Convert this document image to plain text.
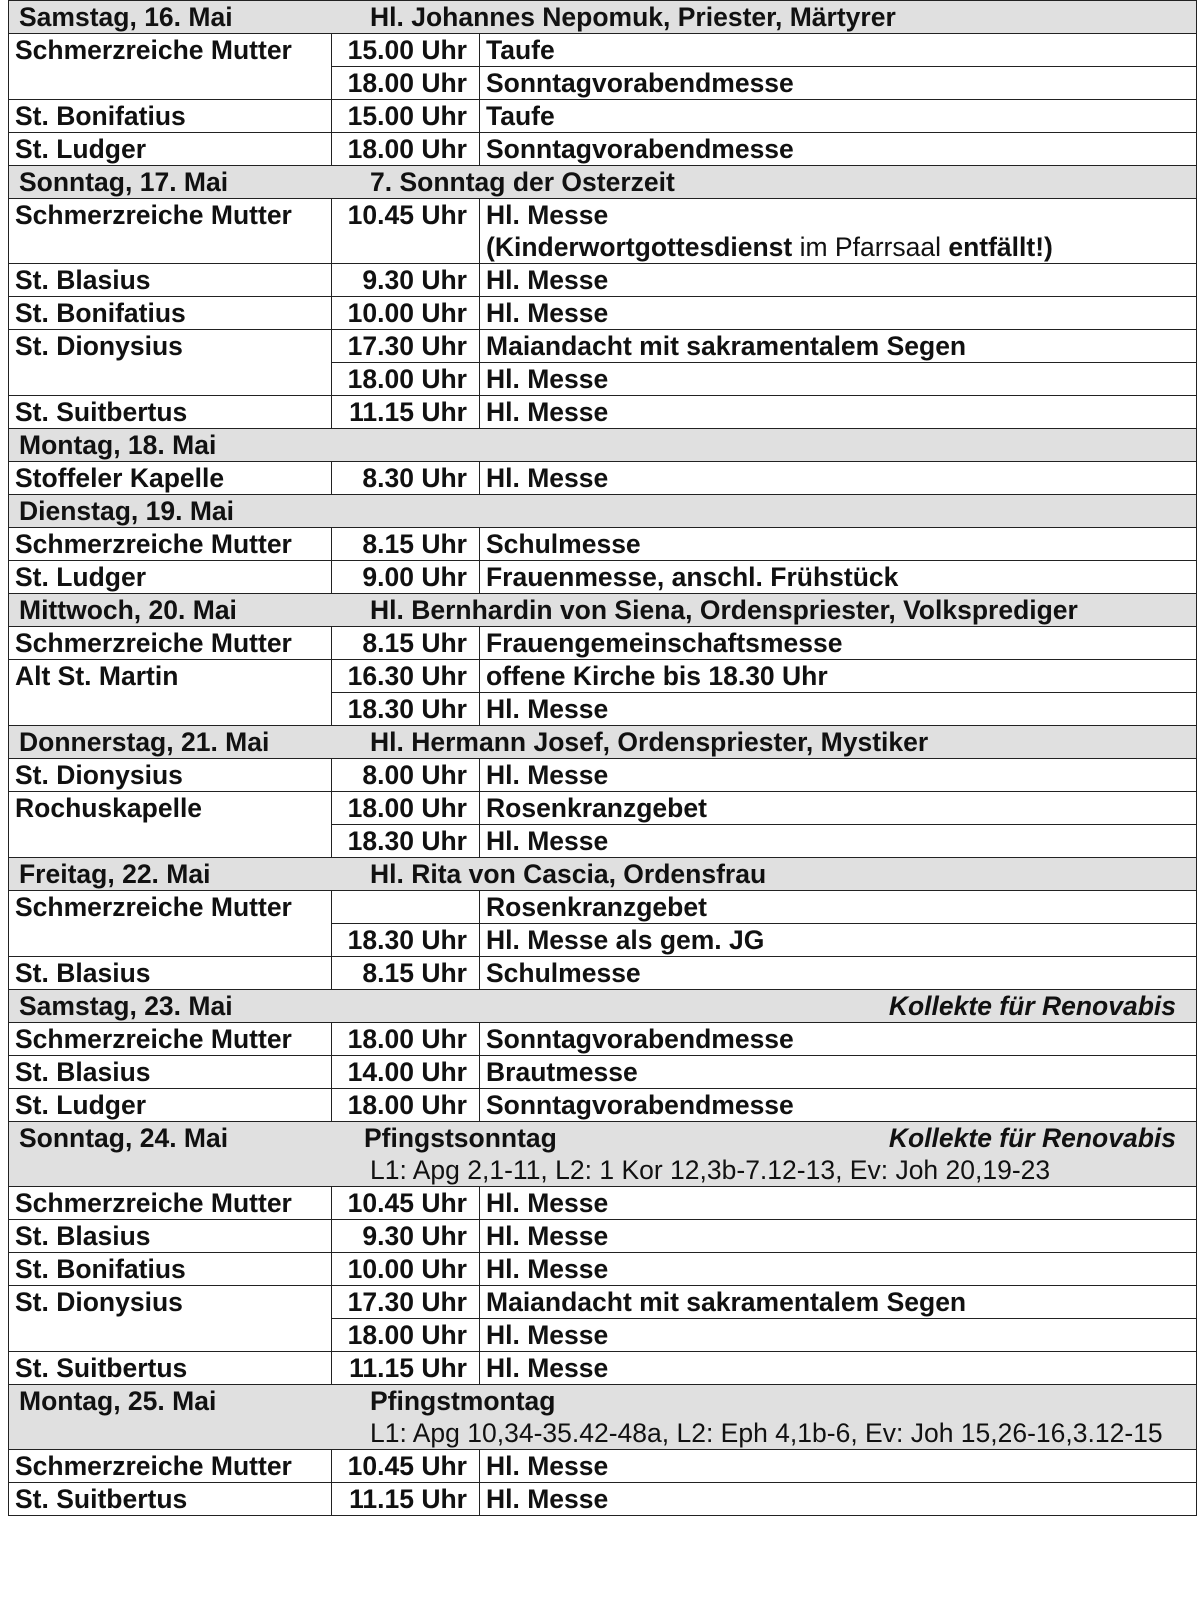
Samstag, 16. Mai Hl. Johannes Nepomuk, Priester, Märtyrer		

Schmerzreiche Mutter	15.00 Uhr	Taufe

	18.00 Uhr	Sonntagvorabendmesse

St. Bonifatius	15.00 Uhr	Taufe

St. Ludger	18.00 Uhr	Sonntagvorabendmesse

Sonntag, 17. Mai 7. Sonntag der Osterzeit		

Schmerzreiche Mutter	10.45 Uhr	Hl. Messe
(Kinderwortgottesdienst im Pfarrsaal entfällt!)

St. Blasius	9.30 Uhr	Hl. Messe

St. Bonifatius	10.00 Uhr	Hl. Messe

St. Dionysius	17.30 Uhr	Maiandacht mit sakramentalem Segen

	18.00 Uhr	Hl. Messe

St. Suitbertus	11.15 Uhr	Hl. Messe

Montag, 18. Mai		

Stoffeler Kapelle	8.30 Uhr	Hl. Messe

Dienstag, 19. Mai		

Schmerzreiche Mutter	8.15 Uhr	Schulmesse

St. Ludger	9.00 Uhr	Frauenmesse, anschl. Frühstück

Mittwoch, 20. Mai Hl. Bernhardin von Siena, Ordenspriester, Volksprediger		

Schmerzreiche Mutter	8.15 Uhr	Frauengemeinschaftsmesse

Alt St. Martin	16.30 Uhr	offene Kirche bis 18.30 Uhr

	18.30 Uhr	Hl. Messe

Donnerstag, 21. Mai Hl. Hermann Josef, Ordenspriester, Mystiker		

St. Dionysius	8.00 Uhr	Hl. Messe

Rochuskapelle	18.00 Uhr	Rosenkranzgebet

	18.30 Uhr	Hl. Messe

Freitag, 22. Mai Hl. Rita von Cascia, Ordensfrau		

Schmerzreiche Mutter		Rosenkranzgebet

	18.30 Uhr	Hl. Messe als gem. JG

St. Blasius	8.15 Uhr	Schulmesse

Samstag, 23. Mai Kollekte für Renovabis		

Schmerzreiche Mutter	18.00 Uhr	Sonntagvorabendmesse

St. Blasius	14.00 Uhr	Brautmesse

St. Ludger	18.00 Uhr	Sonntagvorabendmesse

Sonntag, 24. Mai Pfingstsonntag Kollekte für Renovabis
L1: Apg 2,1-11, L2: 1 Kor 12,3b-7.12-13, Ev: Joh 20,19-23		

Schmerzreiche Mutter	10.45 Uhr	Hl. Messe

St. Blasius	9.30 Uhr	Hl. Messe

St. Bonifatius	10.00 Uhr	Hl. Messe

St. Dionysius	17.30 Uhr	Maiandacht mit sakramentalem Segen

	18.00 Uhr	Hl. Messe

St. Suitbertus	11.15 Uhr	Hl. Messe

Montag, 25. Mai Pfingstmontag
L1: Apg 10,34-35.42-48a, L2: Eph 4,1b-6, Ev: Joh 15,26-16,3.12-15		

Schmerzreiche Mutter	10.45 Uhr	Hl. Messe

St. Suitbertus	11.15 Uhr	Hl. Messe
